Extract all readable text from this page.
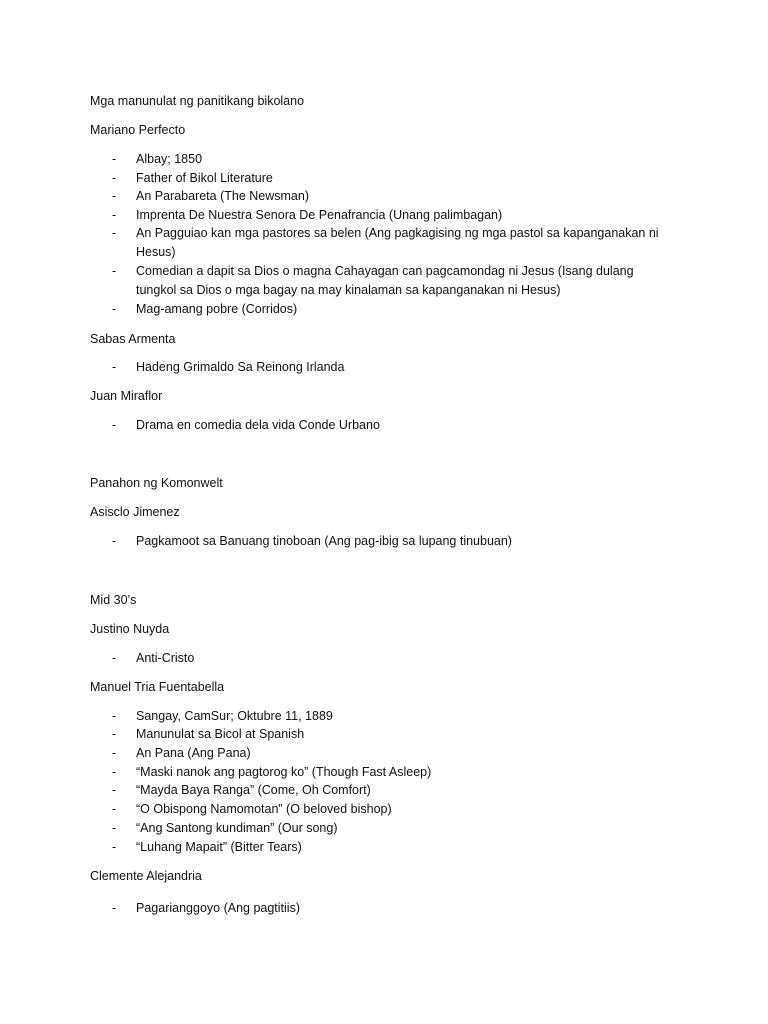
Mga manunulat ng panitikang bikolano
Mariano Perfecto
-	Albay; 1850
-	Father of Bikol Literature
-	An Parabareta (The Newsman)
-	Imprenta De Nuestra Senora De Penafrancia (Unang palimbagan)
-	An Pagguiao kan mga pastores sa belen (Ang pagkagising ng mga pastol sa kapanganakan ni Hesus)
-	Comedian a dapit sa Dios o magna Cahayagan can pagcamondag ni Jesus (Isang dulang tungkol sa Dios o mga bagay na may kinalaman sa kapanganakan ni Hesus)
-	Mag-amang pobre (Corridos)
Sabas Armenta
-	Hadeng Grimaldo Sa Reinong Irlanda
Juan Miraflor
-	Drama en comedia dela vida Conde Urbano
Panahon ng Komonwelt
Asisclo Jimenez
-	Pagkamoot sa Banuang tinoboan (Ang pag-ibig sa lupang tinubuan)
Mid 30’s
Justino Nuyda
-	Anti-Cristo
Manuel Tria Fuentabella
-	Sangay, CamSur; Oktubre 11, 1889
-	Manunulat sa Bicol at Spanish
-	An Pana (Ang Pana)
-	“Maski nanok ang pagtorog ko” (Though Fast Asleep)
-	“Mayda Baya Ranga” (Come, Oh Comfort)
-	“O Obispong Namomotan” (O beloved bishop)
-	“Ang Santong kundiman” (Our song)
-	“Luhang Mapait” (Bitter Tears)
Clemente Alejandria
-	Pagarianggoyo (Ang pagtitiis)
